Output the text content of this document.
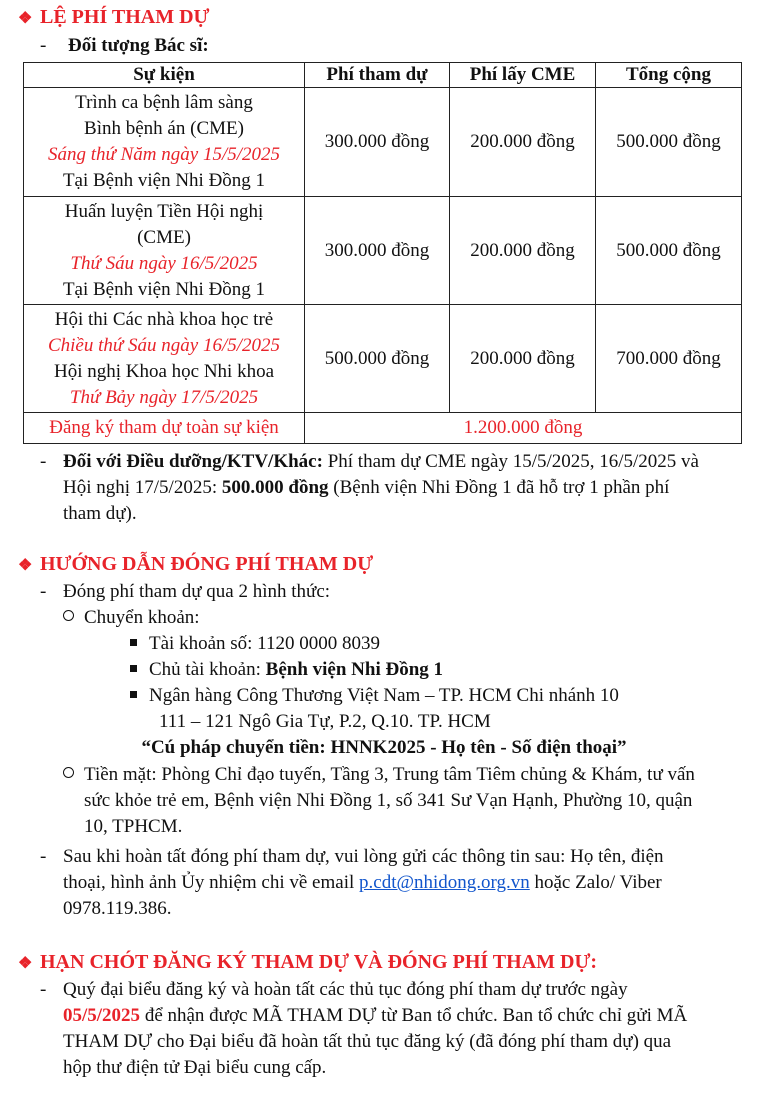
❖ LỆ PHÍ THAM DỰ
- Đối tượng Bác sĩ:
Sự kiện	Phí tham dự	Phí lấy CME	Tổng cộng

Trình ca bệnh lâm sàng
Bình bệnh án (CME)
Sáng thứ Năm ngày 15/5/2025
Tại Bệnh viện Nhi Đồng 1	300.000 đồng	200.000 đồng	500.000 đồng

Huấn luyện Tiền Hội nghị
(CME)
Thứ Sáu ngày 16/5/2025
Tại Bệnh viện Nhi Đồng 1	300.000 đồng	200.000 đồng	500.000 đồng

Hội thi Các nhà khoa học trẻ
Chiều thứ Sáu ngày 16/5/2025
Hội nghị Khoa học Nhi khoa
Thứ Bảy ngày 17/5/2025	500.000 đồng	200.000 đồng	700.000 đồng
Đăng ký tham dự toàn sự kiện	1.200.000 đồng		
- Đối với Điều dưỡng/KTV/Khác: Phí tham dự CME ngày 15/5/2025, 16/5/2025 và
Hội nghị 17/5/2025: 500.000 đồng (Bệnh viện Nhi Đồng 1 đã hỗ trợ 1 phần phí
tham dự).
❖ HƯỚNG DẪN ĐÓNG PHÍ THAM DỰ
- Đóng phí tham dự qua 2 hình thức:
Chuyển khoản:
Tài khoản số: 1120 0000 8039
Chủ tài khoản: Bệnh viện Nhi Đồng 1
Ngân hàng Công Thương Việt Nam – TP. HCM Chi nhánh 10
111 – 121 Ngô Gia Tự, P.2, Q.10. TP. HCM
“Cú pháp chuyển tiền: HNNK2025 - Họ tên - Số điện thoại”
Tiền mặt: Phòng Chỉ đạo tuyến, Tầng 3, Trung tâm Tiêm chủng & Khám, tư vấn
sức khỏe trẻ em, Bệnh viện Nhi Đồng 1, số 341 Sư Vạn Hạnh, Phường 10, quận
10, TPHCM.
- Sau khi hoàn tất đóng phí tham dự, vui lòng gửi các thông tin sau: Họ tên, điện
thoại, hình ảnh Ủy nhiệm chi về email p.cdt@nhidong.org.vn hoặc Zalo/ Viber
0978.119.386.
❖ HẠN CHÓT ĐĂNG KÝ THAM DỰ VÀ ĐÓNG PHÍ THAM DỰ:
- Quý đại biểu đăng ký và hoàn tất các thủ tục đóng phí tham dự trước ngày
05/5/2025 để nhận được MÃ THAM DỰ từ Ban tổ chức. Ban tổ chức chỉ gửi MÃ
THAM DỰ cho Đại biểu đã hoàn tất thủ tục đăng ký (đã đóng phí tham dự) qua
hộp thư điện tử Đại biểu cung cấp.
